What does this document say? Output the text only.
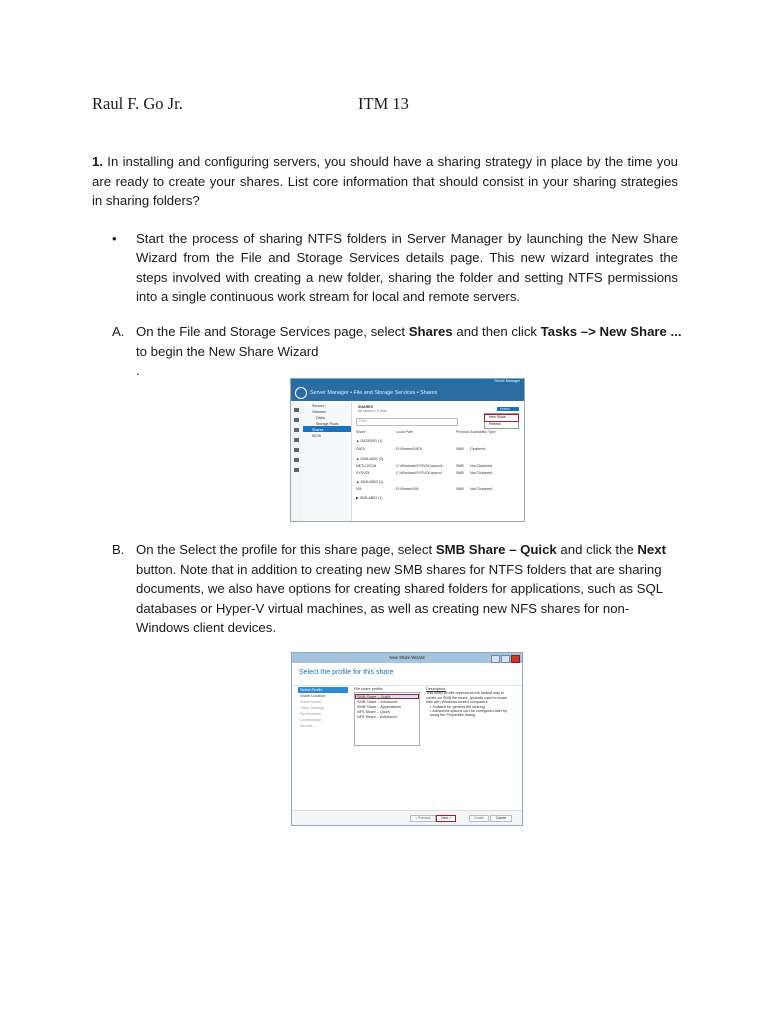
Raul F. Go Jr.	ITM 13
1. In installing and configuring servers, you should have a sharing strategy in place by the time you are ready to create your shares. List core information that should consist in your sharing strategies in sharing folders?
• Start the process of sharing NTFS folders in Server Manager by launching the New Share Wizard from the File and Storage Services details page. This new wizard integrates the steps involved with creating a new folder, sharing the folder and setting NTFS permissions into a single continuous work stream for local and remote servers.
A. On the File and Storage Services page, select Shares and then click Tasks –> New Share ... to begin the New Share Wizard
.
Server Manager
Server Manager • File and Storage Services • Shares
Servers
Volumes
Disks
Storage Pools
Shares
iSCSI
SHARES
All shares | 5 total
Filter
TASKS
New Share...
Refresh
Share	Local Path	Protocol Availability Type
▲ DATASVR (1)
DATA	D:\Shares\DATA	SMB	Clustered
▲ IDMLAB01 (2)
NETLOGON	C:\Windows\SYSVOL\sysvol\...	SMB	Not Clustered
SYSVOL	C:\Windows\SYSVOL\sysvol	SMB	Not Clustered
▲ IDMLAB02 (1)
VM	D:\Shares\VM	SMB	Not Clustered
▶ IDMLAB03 (1)
B. On the Select the profile for this share page, select SMB Share – Quick and click the Next button. Note that in addition to creating new SMB shares for NTFS folders that are sharing documents, we also have options for creating shared folders for applications, such as SQL databases or Hyper-V virtual machines, as well as creating new NFS shares for non-Windows client devices.
New Share Wizard
Select the profile for this share
Select Profile
Share Location
Share Name
Other Settings
Permissions
Confirmation
Results
File share profile:
SMB Share – Quick
SMB Share – Advanced
SMB Share – Applications
NFS Share – Quick
NFS Share – Advanced
Description:
This basic profile represents the fastest way to create an SMB file share, typically used to share files with Windows-based computers.
• Suitable for general file sharing
• Advanced options can be configured later by using the Properties dialog
< Previous	Next >	Create	Cancel
